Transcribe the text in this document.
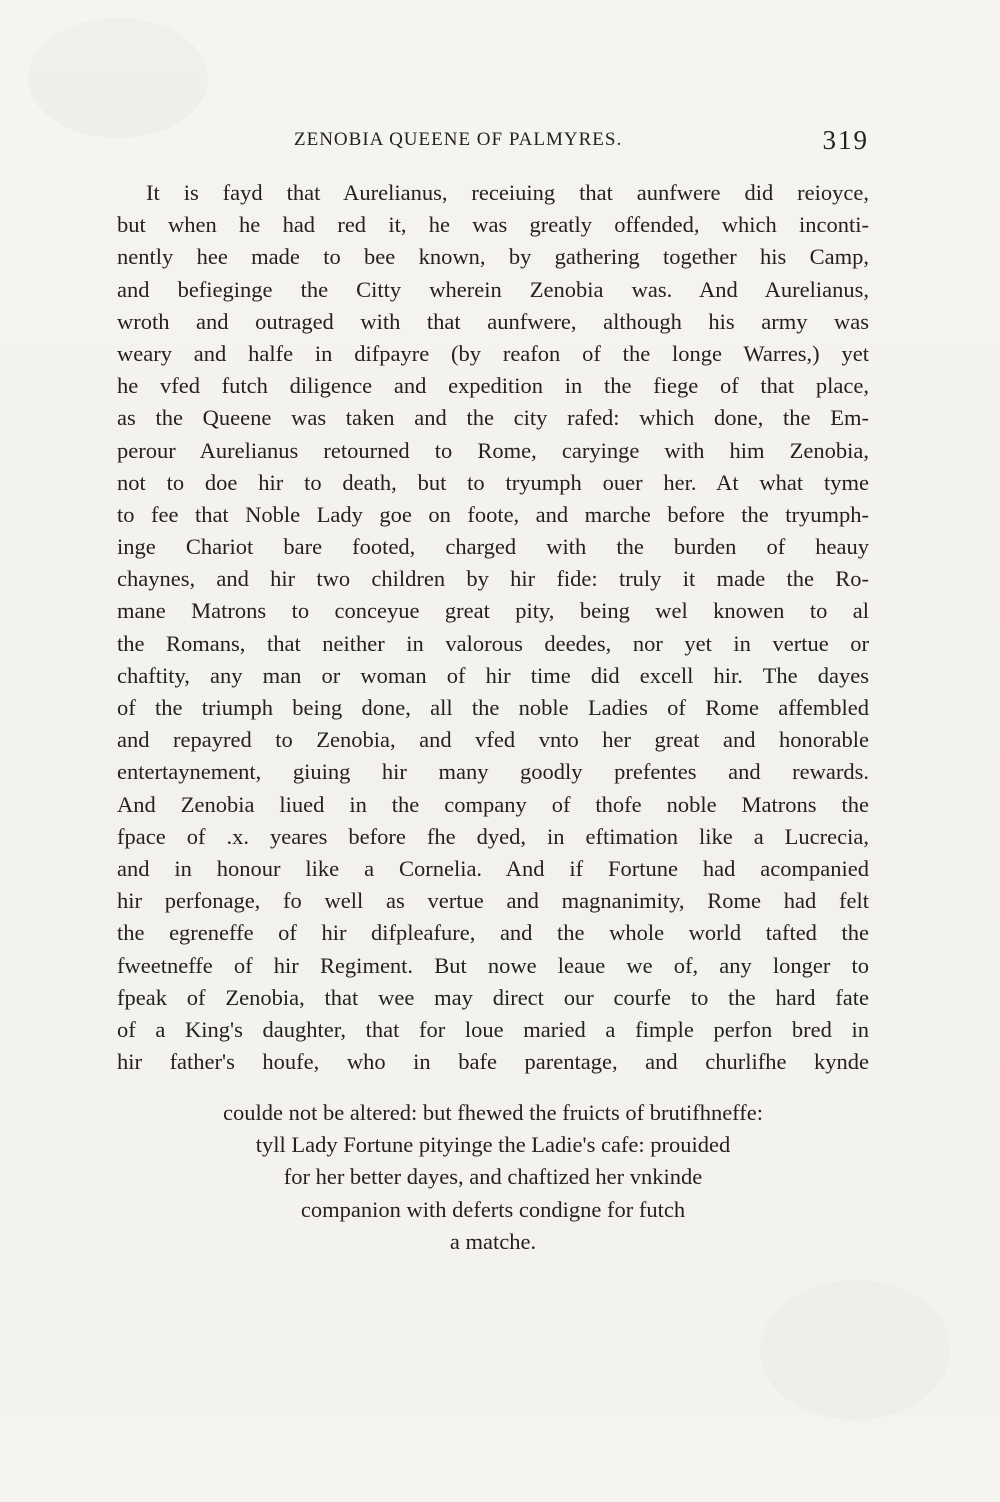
ZENOBIA QUEENE OF PALMYRES.	319
It is fayd that Aurelianus, receiuing that aunfwere did reioyce,
but when he had red it, he was greatly offended, which inconti-
nently hee made to bee known, by gathering together his Camp,
and befieginge the Citty wherein Zenobia was. And Aurelianus,
wroth and outraged with that aunfwere, although his army was
weary and halfe in difpayre (by reafon of the longe Warres,) yet
he vfed futch diligence and expedition in the fiege of that place,
as the Queene was taken and the city rafed: which done, the Em-
perour Aurelianus retourned to Rome, caryinge with him Zenobia,
not to doe hir to death, but to tryumph ouer her. At what tyme
to fee that Noble Lady goe on foote, and marche before the tryumph-
inge Chariot bare footed, charged with the burden of heauy
chaynes, and hir two children by hir fide: truly it made the Ro-
mane Matrons to conceyue great pity, being wel knowen to al
the Romans, that neither in valorous deedes, nor yet in vertue or
chaftity, any man or woman of hir time did excell hir. The dayes
of the triumph being done, all the noble Ladies of Rome affembled
and repayred to Zenobia, and vfed vnto her great and honorable
entertaynement, giuing hir many goodly prefentes and rewards.
And Zenobia liued in the company of thofe noble Matrons the
fpace of .x. yeares before fhe dyed, in eftimation like a Lucrecia,
and in honour like a Cornelia. And if Fortune had acompanied
hir perfonage, fo well as vertue and magnanimity, Rome had felt
the egreneffe of hir difpleafure, and the whole world tafted the
fweetneffe of hir Regiment. But nowe leaue we of, any longer to
fpeak of Zenobia, that wee may direct our courfe to the hard fate
of a King's daughter, that for loue maried a fimple perfon bred in
hir father's houfe, who in bafe parentage, and churlifhe kynde
coulde not be altered: but fhewed the fruicts of brutifhneffe:
tyll Lady Fortune pityinge the Ladie's cafe: prouided
for her better dayes, and chaftized her vnkinde
companion with deferts condigne for futch
a matche.
